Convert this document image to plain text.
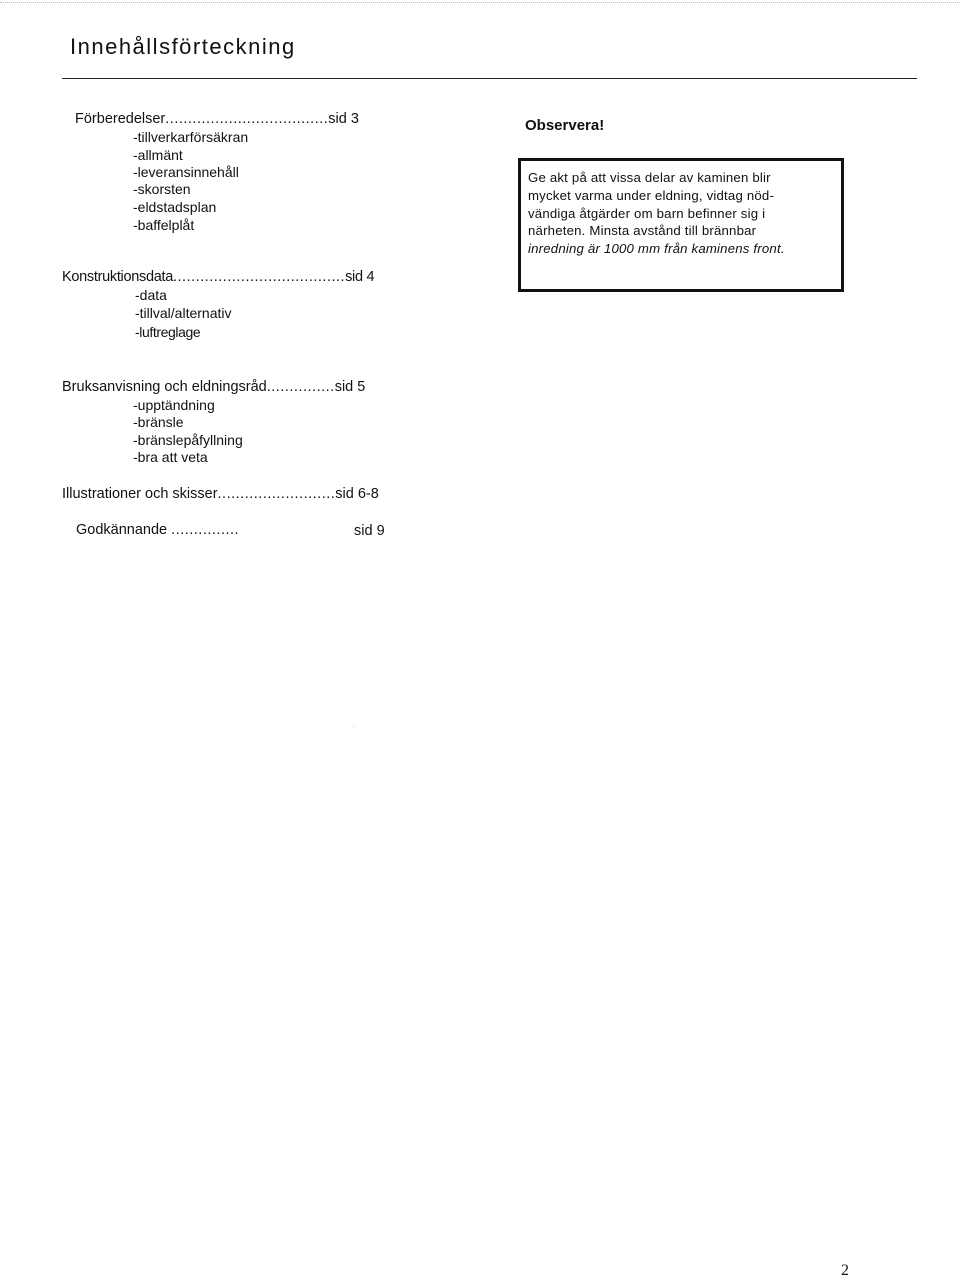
Innehållsförteckning
Förberedelser....................................sid 3
-tillverkarförsäkran
-allmänt
-leveransinnehåll
-skorsten
-eldstadsplan
-baffelplåt
Konstruktionsdata......................................sid 4
-data
-tillval/alternativ
-luftreglage
Bruksanvisning och eldningsråd...............sid 5
-upptändning
-bränsle
-bränslepåfyllning
-bra att veta
Illustrationer och skisser..........................sid 6-8
Godkännande ...............	sid 9
Observera!
Ge akt på att vissa delar av kaminen blir
mycket varma under eldning, vidtag nöd-
vändiga åtgärder om barn befinner sig i
närheten. Minsta avstånd till brännbar
inredning är 1000 mm från kaminens front.
·
2
